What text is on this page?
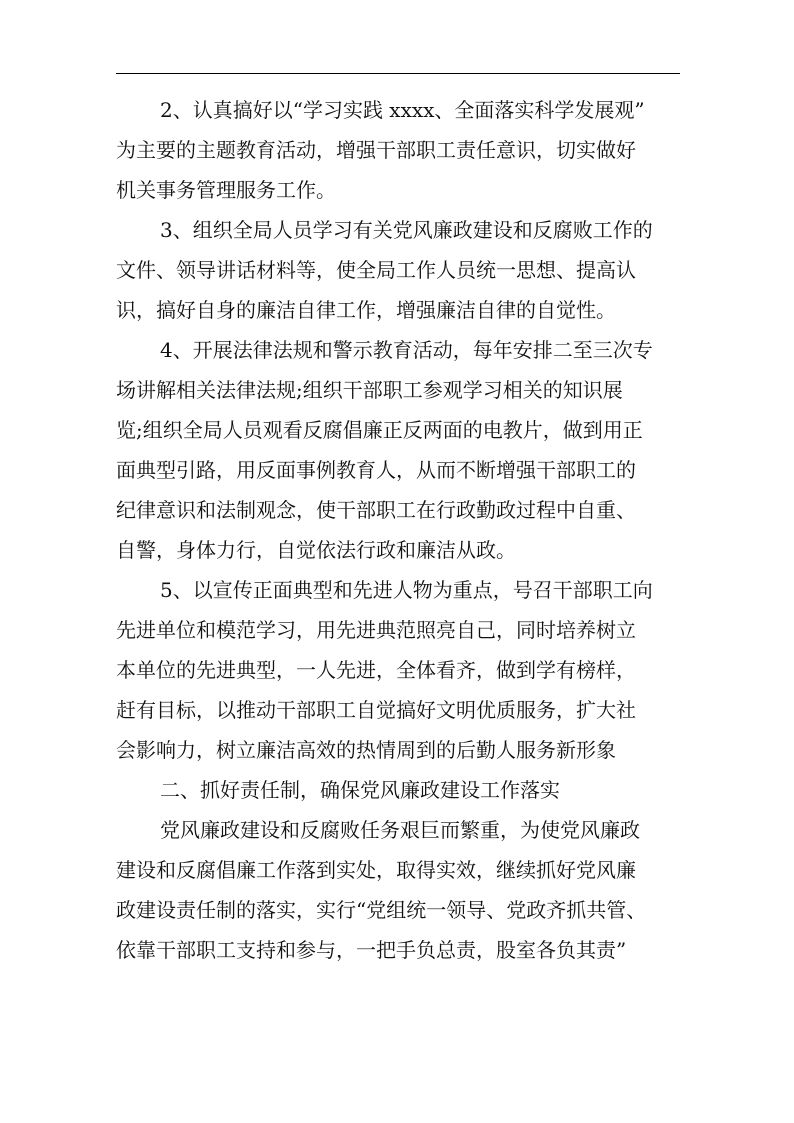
2、认真搞好以“学习实践 xxxx、全面落实科学发展观”
为主要的主题教育活动，增强干部职工责任意识，切实做好
机关事务管理服务工作。
3、组织全局人员学习有关党风廉政建设和反腐败工作的
文件、领导讲话材料等，使全局工作人员统一思想、提高认
识，搞好自身的廉洁自律工作，增强廉洁自律的自觉性。
4、开展法律法规和警示教育活动，每年安排二至三次专
场讲解相关法律法规;组织干部职工参观学习相关的知识展
览;组织全局人员观看反腐倡廉正反两面的电教片，做到用正
面典型引路，用反面事例教育人，从而不断增强干部职工的
纪律意识和法制观念，使干部职工在行政勤政过程中自重、
自警，身体力行，自觉依法行政和廉洁从政。
5、以宣传正面典型和先进人物为重点，号召干部职工向
先进单位和模范学习，用先进典范照亮自己，同时培养树立
本单位的先进典型，一人先进，全体看齐，做到学有榜样，
赶有目标，以推动干部职工自觉搞好文明优质服务，扩大社
会影响力，树立廉洁高效的热情周到的后勤人服务新形象
二、抓好责任制，确保党风廉政建设工作落实
党风廉政建设和反腐败任务艰巨而繁重，为使党风廉政
建设和反腐倡廉工作落到实处，取得实效，继续抓好党风廉
政建设责任制的落实，实行“党组统一领导、党政齐抓共管、
依靠干部职工支持和参与，一把手负总责，股室各负其责”
